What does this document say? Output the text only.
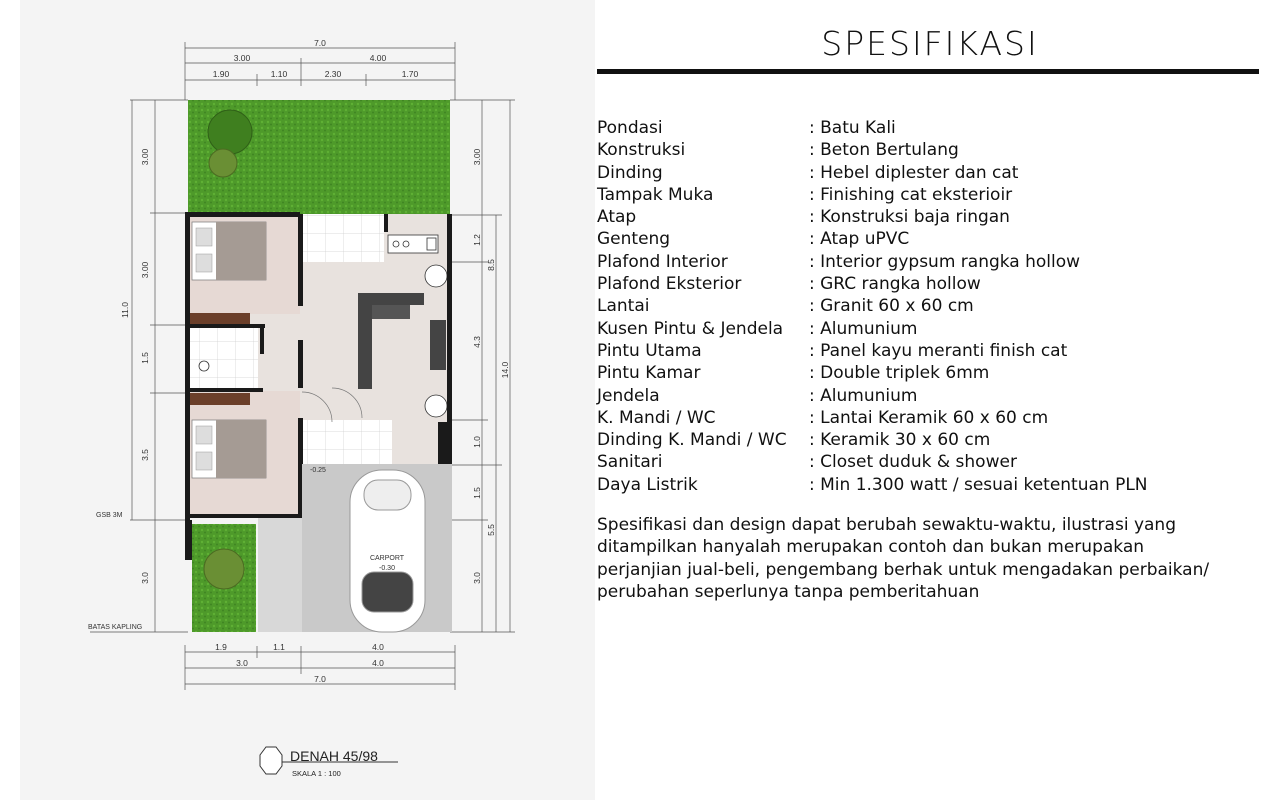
7.0
3.00	4.00
1.90	1.10	2.30	1.70
1.9	1.1	4.0
3.0	4.0
7.0
3.00
3.00
1.5
3.5
3.0
11.0
3.00
1.2
4.3
1.0
1.5
3.0
8.5
5.5
14.0
GSB 3M
BATAS KAPLING
CARPORT
-0.30
-0.25
DENAH 45/98
SKALA 1 : 100
SPESIFIKASI
Pondasi	: Batu Kali
Konstruksi	: Beton Bertulang
Dinding	: Hebel diplester dan cat
Tampak Muka	: Finishing cat eksterioir
Atap	: Konstruksi baja ringan
Genteng	: Atap uPVC
Plafond Interior	: Interior gypsum rangka hollow
Plafond Eksterior	: GRC rangka hollow
Lantai	: Granit 60 x 60 cm
Kusen Pintu & Jendela	: Alumunium
Pintu Utama	: Panel kayu meranti finish cat
Pintu Kamar	: Double triplek 6mm
Jendela	: Alumunium
K. Mandi / WC	: Lantai Keramik 60 x 60 cm
Dinding K. Mandi / WC	: Keramik 30 x 60 cm
Sanitari	: Closet duduk & shower
Daya Listrik	: Min 1.300 watt / sesuai ketentuan PLN

Spesifikasi dan design dapat berubah sewaktu-waktu, ilustrasi yang ditampilkan hanyalah merupakan contoh dan bukan merupakan perjanjian jual-beli, pengembang berhak untuk mengadakan perbaikan/ perubahan seperlunya tanpa pemberitahuan
